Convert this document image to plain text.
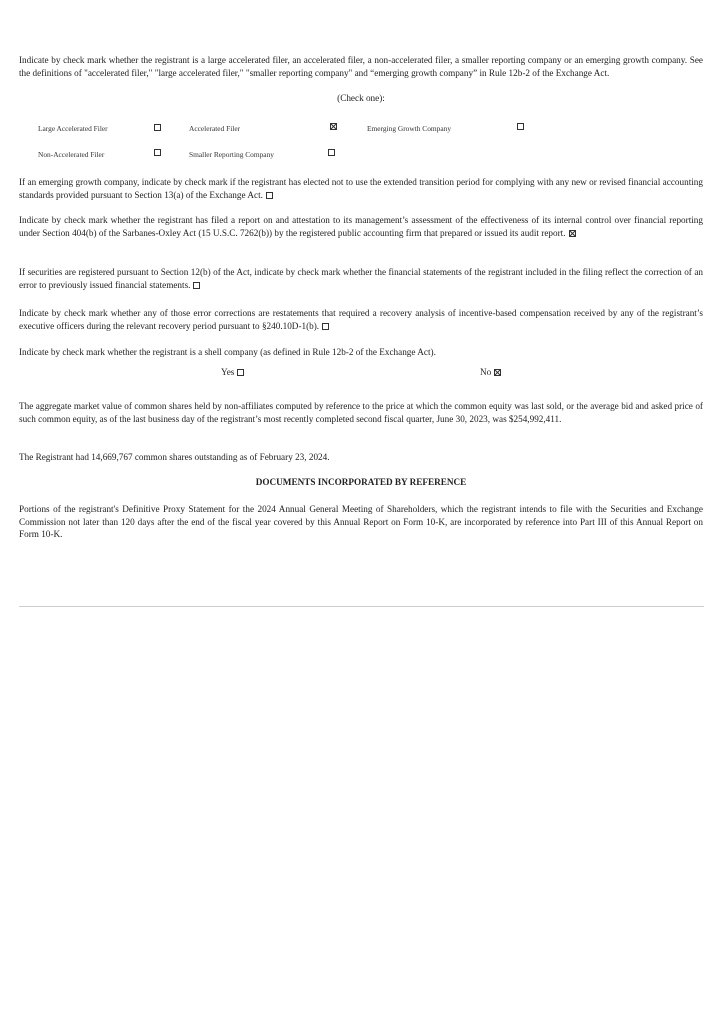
Indicate by check mark whether the registrant is a large accelerated filer, an accelerated filer, a non-accelerated filer, a smaller reporting company or an emerging growth company. See the definitions of "accelerated filer," "large accelerated filer," "smaller reporting company" and “emerging growth company” in Rule 12b-2 of the Exchange Act.

(Check one):

Large Accelerated Filer	Accelerated Filer	Emerging Growth Company
Non-Accelerated Filer	Smaller Reporting Company

If an emerging growth company, indicate by check mark if the registrant has elected not to use the extended transition period for complying with any new or revised financial accounting standards provided pursuant to Section 13(a) of the Exchange Act.

Indicate by check mark whether the registrant has filed a report on and attestation to its management’s assessment of the effectiveness of its internal control over financial reporting under Section 404(b) of the Sarbanes-Oxley Act (15 U.S.C. 7262(b)) by the registered public accounting firm that prepared or issued its audit report.

If securities are registered pursuant to Section 12(b) of the Act, indicate by check mark whether the financial statements of the registrant included in the filing reflect the correction of an error to previously issued financial statements.

Indicate by check mark whether any of those error corrections are restatements that required a recovery analysis of incentive-based compensation received by any of the registrant’s executive officers during the relevant recovery period pursuant to §240.10D-1(b).

Indicate by check mark whether the registrant is a shell company (as defined in Rule 12b-2 of the Exchange Act).

Yes	No

The aggregate market value of common shares held by non-affiliates computed by reference to the price at which the common equity was last sold, or the average bid and asked price of such common equity, as of the last business day of the registrant’s most recently completed second fiscal quarter, June 30, 2023, was $254,992,411.

The Registrant had 14,669,767 common shares outstanding as of February 23, 2024.

DOCUMENTS INCORPORATED BY REFERENCE

Portions of the registrant's Definitive Proxy Statement for the 2024 Annual General Meeting of Shareholders, which the registrant intends to file with the Securities and Exchange Commission not later than 120 days after the end of the fiscal year covered by this Annual Report on Form 10-K, are incorporated by reference into Part III of this Annual Report on Form 10-K.
